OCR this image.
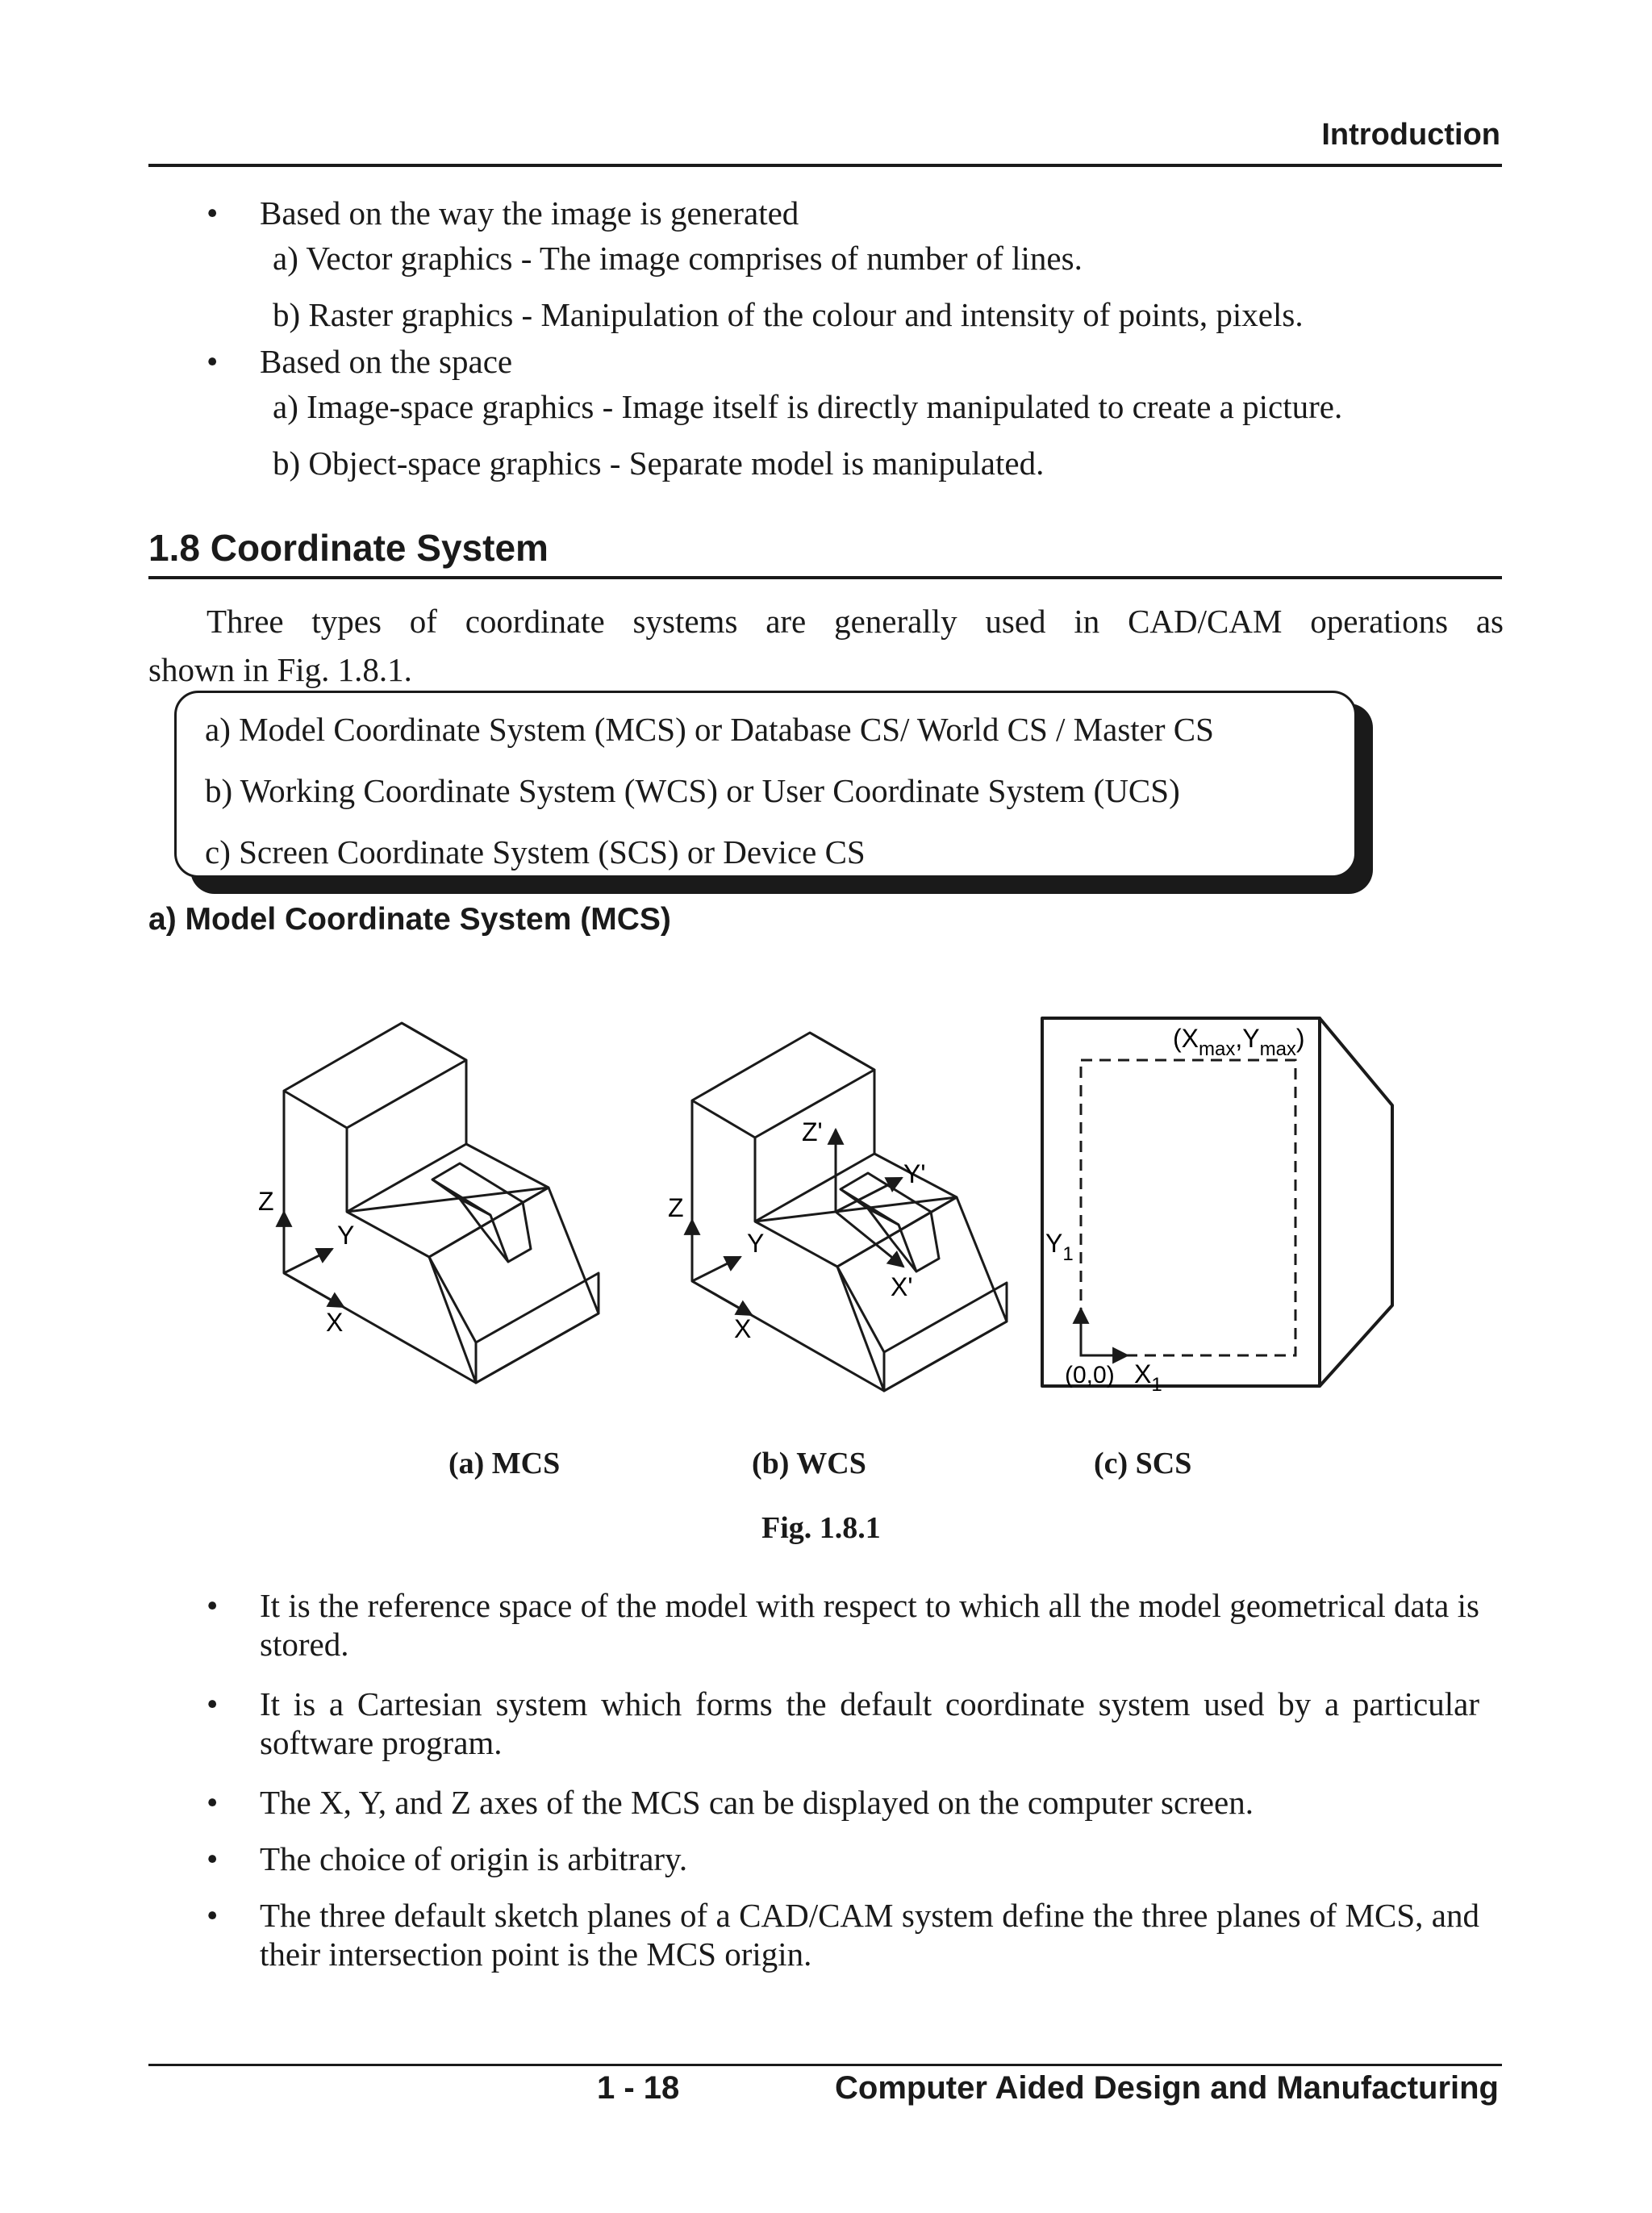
Introduction
• Based on the way the image is generated
a) Vector graphics - The image comprises of number of lines.
b) Raster graphics - Manipulation of the colour and intensity of points, pixels.
• Based on the space
a) Image-space graphics - Image itself is directly manipulated to create a picture.
b) Object-space graphics - Separate model is manipulated.
1.8 Coordinate System
Three types of coordinate systems are generally used in CAD/CAM operations as
shown in Fig. 1.8.1.
a) Model Coordinate System (MCS) or Database CS/ World CS / Master CS
b) Working Coordinate System (WCS) or User Coordinate System (UCS)
c) Screen Coordinate System (SCS) or Device CS
a) Model Coordinate System (MCS)
Z
Y
X
Z
Y
X
Z'
Y'
X'
$(X_{max},Y_{max})$
$Y_1$
(0,0) $X_1$
(a) MCS	(b) WCS	(c) SCS
Fig. 1.8.1
• It is the reference space of the model with respect to which all the model geometrical data is stored.
• It is a Cartesian system which forms the default coordinate system used by a particular software program.
• The X, Y, and Z axes of the MCS can be displayed on the computer screen.
• The choice of origin is arbitrary.
• The three default sketch planes of a CAD/CAM system define the three planes of MCS, and their intersection point is the MCS origin.
1 - 18	Computer Aided Design and Manufacturing
